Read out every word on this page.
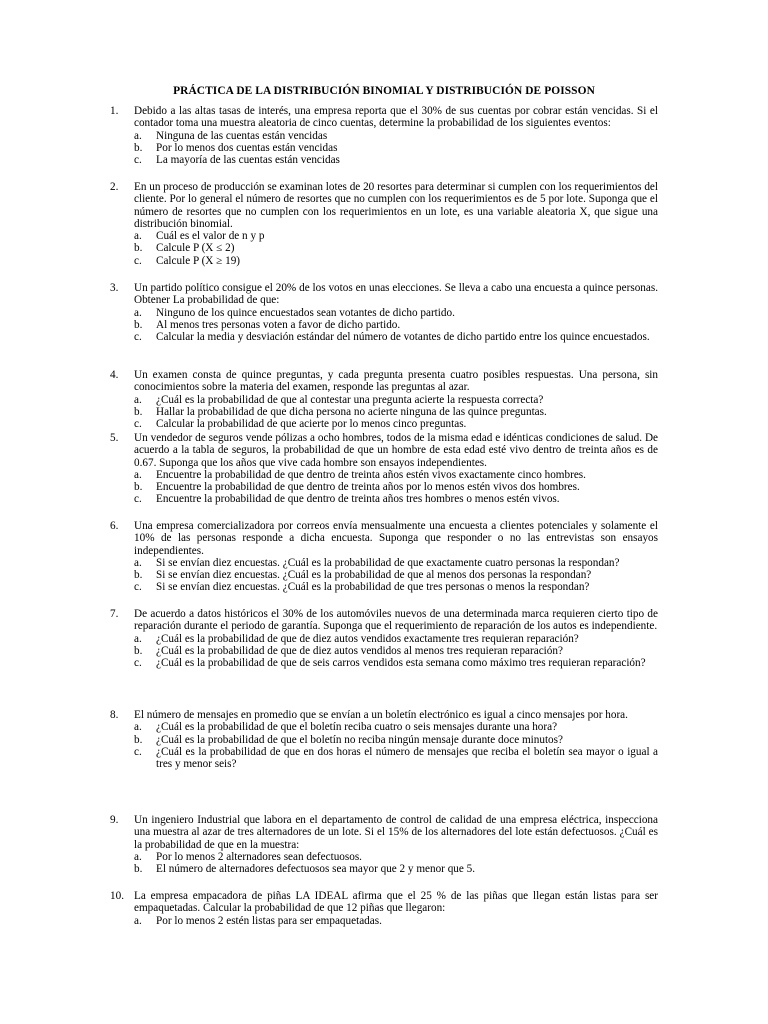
PRÁCTICA DE LA DISTRIBUCIÓN BINOMIAL Y DISTRIBUCIÓN DE POISSON
1.	Debido a las altas tasas de interés, una empresa reporta que el 30% de sus cuentas por cobrar están vencidas. Si el contador toma una muestra aleatoria de cinco cuentas, determine la probabilidad de los siguientes eventos:
a.	Ninguna de las cuentas están vencidas
b.	Por lo menos dos cuentas están vencidas
c.	La mayoría de las cuentas están vencidas
2.	En un proceso de producción se examinan lotes de 20 resortes para determinar si cumplen con los requerimientos del cliente. Por lo general el número de resortes que no cumplen con los requerimientos es de 5 por lote. Suponga que el número de resortes que no cumplen con los requerimientos en un lote, es una variable aleatoria X, que sigue una distribución binomial.
a.	Cuál es el valor de n y p
b.	Calcule P (X ≤ 2)
c.	Calcule P (X ≥ 19)
3.	Un partido político consigue el 20% de los votos en unas elecciones. Se lleva a cabo una encuesta a quince personas. Obtener La probabilidad de que:
a.	Ninguno de los quince encuestados sean votantes de dicho partido.
b.	Al menos tres personas voten a favor de dicho partido.
c.	Calcular la media y desviación estándar del número de votantes de dicho partido entre los quince encuestados.
4.	Un examen consta de quince preguntas, y cada pregunta presenta cuatro posibles respuestas. Una persona, sin conocimientos sobre la materia del examen, responde las preguntas al azar.
a.	¿Cuál es la probabilidad de que al contestar una pregunta acierte la respuesta correcta?
b.	Hallar la probabilidad de que dicha persona no acierte ninguna de las quince preguntas.
c.	Calcular la probabilidad de que acierte por lo menos cinco preguntas.
5.	Un vendedor de seguros vende pólizas a ocho hombres, todos de la misma edad e idénticas condiciones de salud. De acuerdo a la tabla de seguros, la probabilidad de que un hombre de esta edad esté vivo dentro de treinta años es de 0.67. Suponga que los años que vive cada hombre son ensayos independientes.
a.	Encuentre la probabilidad de que dentro de treinta años estén vivos exactamente cinco hombres.
b.	Encuentre la probabilidad de que dentro de treinta años por lo menos estén vivos dos hombres.
c.	Encuentre la probabilidad de que dentro de treinta años tres hombres o menos estén vivos.
6.	Una empresa comercializadora por correos envía mensualmente una encuesta a clientes potenciales y solamente el 10% de las personas responde a dicha encuesta. Suponga que responder o no las entrevistas son ensayos independientes.
a.	Si se envían diez encuestas. ¿Cuál es la probabilidad de que exactamente cuatro personas la respondan?
b.	Si se envían diez encuestas. ¿Cuál es la probabilidad de que al menos dos personas la respondan?
c.	Si se envían diez encuestas. ¿Cuál es la probabilidad de que tres personas o menos la respondan?
7.	De acuerdo a datos históricos el 30% de los automóviles nuevos de una determinada marca requieren cierto tipo de reparación durante el periodo de garantía. Suponga que el requerimiento de reparación de los autos es independiente.
a.	¿Cuál es la probabilidad de que de diez autos vendidos exactamente tres requieran reparación?
b.	¿Cuál es la probabilidad de que de diez autos vendidos al menos tres requieran reparación?
c.	¿Cuál es la probabilidad de que de seis carros vendidos esta semana como máximo tres requieran reparación?
8.	El número de mensajes en promedio que se envían a un boletín electrónico es igual a cinco mensajes por hora.
a.	¿Cuál es la probabilidad de que el boletín reciba cuatro o seis mensajes durante una hora?
b.	¿Cuál es la probabilidad de que el boletín no reciba ningún mensaje durante doce minutos?
c.	¿Cuál es la probabilidad de que en dos horas el número de mensajes que reciba el boletín sea mayor o igual a tres y menor seis?
9.	Un ingeniero Industrial que labora en el departamento de control de calidad de una empresa eléctrica, inspecciona una muestra al azar de tres alternadores de un lote. Si el 15% de los alternadores del lote están defectuosos. ¿Cuál es la probabilidad de que en la muestra:
a.	Por lo menos 2 alternadores sean defectuosos.
b.	El número de alternadores defectuosos sea mayor que 2 y menor que 5.
10. La empresa empacadora de piñas LA IDEAL afirma que el 25 % de las piñas que llegan están listas para ser empaquetadas. Calcular la probabilidad de que 12 piñas que llegaron:
a.	Por lo menos 2 estén listas para ser empaquetadas.
